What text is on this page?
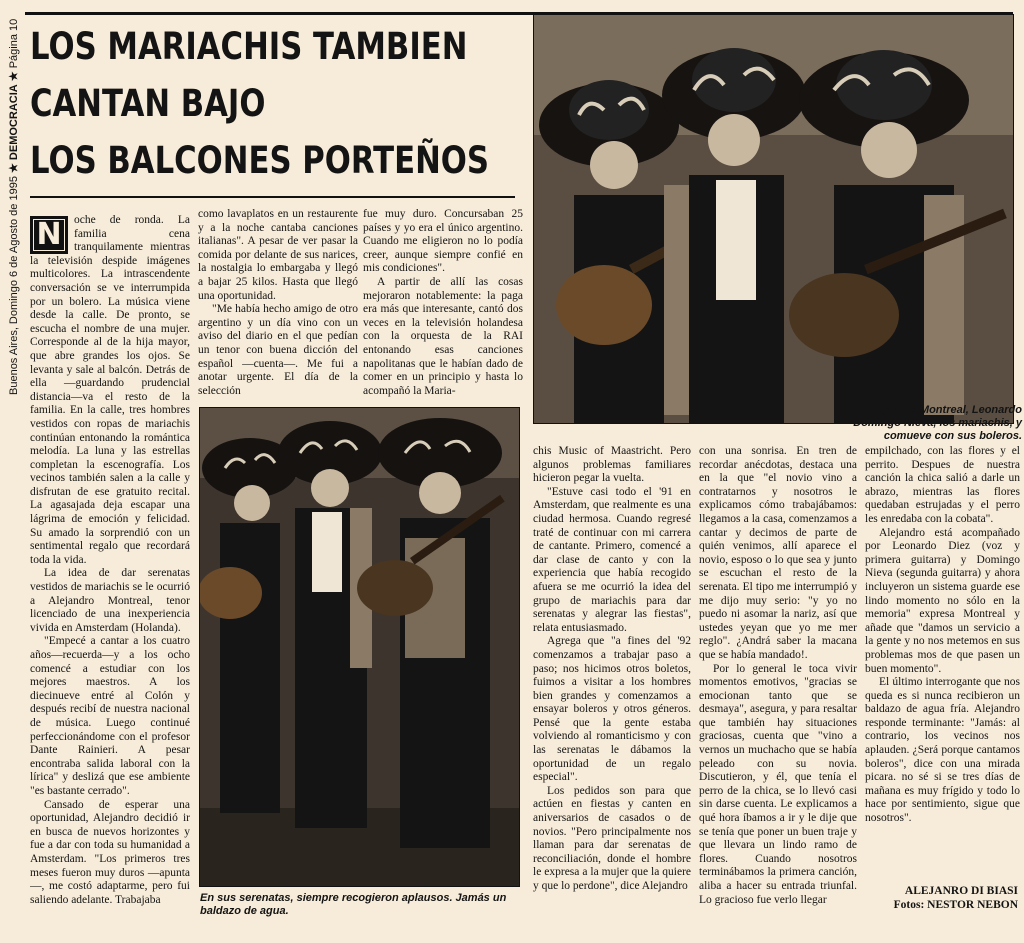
Buenos Aires, Domingo 6 de Agosto de 1995 ★ DEMOCRACIA ★ Página 10 LOS MARIACHIS TAMBIEN
CANTAN BAJO
LOS BALCONES PORTEÑOS
Alejandro Montreal, Leonardo Domingo Nieva, los mariachis, y comueve con sus boleros.
En sus serenatas, siempre recogieron aplausos. Jamás un baldazo de agua.
N	oche de ronda. La familia cena tranquilamente mientras la televisión despide imágenes multicolores. La intrascendente conversación se ve interrumpida por un bolero. La música viene desde la calle. De pronto, se escucha el nombre de una mujer. Corresponde al de la hija mayor, que abre grandes los ojos. Se levanta y sale al balcón. Detrás de ella —guardando prudencial distancia—va el resto de la familia. En la calle, tres hombres vestidos con ropas de mariachis continúan entonando la romántica melodía. La luna y las estrellas completan la escenografía. Los vecinos también salen a la calle y disfrutan de ese gratuito recital. La agasajada deja escapar una lágrima de emoción y felicidad. Su amado la sorprendió con un sentimental regalo que recordará toda la vida.

La idea de dar serenatas vestidos de mariachis se le ocurrió a Alejandro Montreal, tenor licenciado de una inexperiencia vivida en Amsterdam (Holanda).

"Empecé a cantar a los cuatro años—recuerda—y a los ocho comencé a estudiar con los mejores maestros. A los diecinueve entré al Colón y después recibí de nuestra nacional de música. Luego continué perfeccionándome con el profesor Dante Rainieri. A pesar encontraba salida laboral con la lírica" y deslizá que ese ambiente "es bastante cerrado".

Cansado de esperar una oportunidad, Alejandro decidió ir en busca de nuevos horizontes y fue a dar con toda su humanidad a Amsterdam. "Los primeros tres meses fueron muy duros —apunta—, me costó adaptarme, pero fui saliendo adelante. Trabajaba

como lavaplatos en un restaurente y a la noche cantaba canciones italianas". A pesar de ver pasar la comida por delante de sus narices, la nostalgia lo embargaba y llegó a bajar 25 kilos. Hasta que llegó una oportunidad.

"Me había hecho amigo de otro argentino y un día vino con un aviso del diario en el que pedían un tenor con buena dicción del español —cuenta—. Me fui a anotar urgente. El día de la selección

fue muy duro. Concursaban 25 países y yo era el único argentino. Cuando me eligieron no lo podía creer, aunque siempre confié en mis condiciones".

A partir de allí las cosas mejoraron notablemente: la paga era más que interesante, cantó dos veces en la televisión holandesa con la orquesta de la RAI entonando esas canciones napolitanas que le habían dado de comer en un principio y hasta lo acompañó la Maria-

chis Music of Maastricht. Pero algunos problemas familiares hicieron pegar la vuelta.

"Estuve casi todo el '91 en Amsterdam, que realmente es una ciudad hermosa. Cuando regresé traté de continuar con mi carrera de cantante. Primero, comencé a dar clase de canto y con la experiencia que había recogido afuera se me ocurrió la idea del grupo de mariachis para dar serenatas y alegrar las fiestas", relata entusiasmado.

Agrega que "a fines del '92 comenzamos a trabajar paso a paso; nos hicimos otros boletos, fuimos a visitar a los hombres bien grandes y comenzamos a ensayar boleros y otros géneros. Pensé que la gente estaba volviendo al romanticismo y con las serenatas le dábamos la oportunidad de un regalo especial".

Los pedidos son para que actúen en fiestas y canten en aniversarios de casados o de novios. "Pero principalmente nos llaman para dar serenatas de reconciliación, donde el hombre le expresa a la mujer que la quiere y que lo perdone", dice Alejandro

con una sonrisa. En tren de recordar anécdotas, destaca una en la que "el novio vino a contratarnos y nosotros le explicamos cómo trabajábamos: llegamos a la casa, comenzamos a cantar y decimos de parte de quién venimos, allí aparece el novio, esposo o lo que sea y junto se escuchan el resto de la serenata. El tipo me interrumpió y me dijo muy serio: "y yo no puedo ni asomar la nariz, así que ustedes yeyan que yo me mer reglo". ¿Andrá saber la macana que se había mandado!.

Por lo general le toca vivir momentos emotivos, "gracias se emocionan tanto que se desmaya", asegura, y para resaltar que también hay situaciones graciosas, cuenta que "vino a vernos un muchacho que se había peleado con su novia. Discutieron, y él, que tenía el perro de la chica, se lo llevó casi sin darse cuenta. Le explicamos a qué hora íbamos a ir y le dije que se tenía que poner un buen traje y que llevara un lindo ramo de flores. Cuando nosotros terminábamos la primera canción, aliba a hacer su entrada triunfal. Lo gracioso fue verlo llegar

empilchado, con las flores y el perrito. Despues de nuestra canción la chica salió a darle un abrazo, mientras las flores quedaban estrujadas y el perro les enredaba con la cobata".

Alejandro está acompañado por Leonardo Diez (voz y primera guitarra) y Domingo Nieva (segunda guitarra) y ahora incluyeron un sistema guarde ese lindo momento no sólo en la memoria" expresa Montreal y añade que "damos un servicio a la gente y no nos metemos en sus problemas mos de que pasen un buen momento".

El último interrogante que nos queda es si nunca recibieron un baldazo de agua fría. Alejandro responde terminante: "Jamás: al contrario, los vecinos nos aplauden. ¿Será porque cantamos boleros", dice con una mirada picara. no sé si se tres días de mañana es muy frígido y todo lo hace por sentimiento, sigue que nosotros".

ALEJANRO DI BIASI
Fotos: NESTOR NEBON
